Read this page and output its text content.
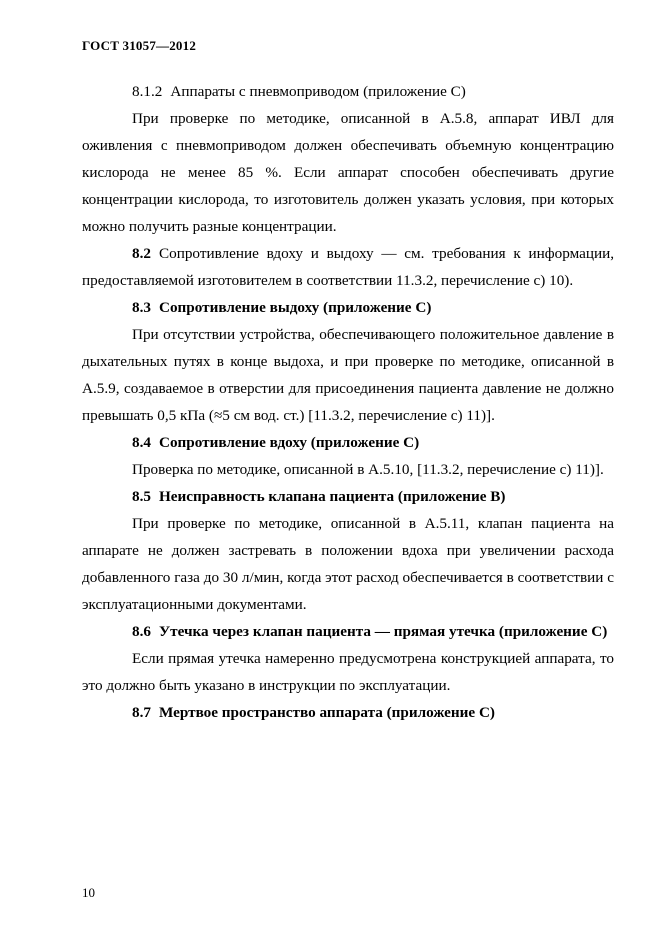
ГОСТ 31057—2012

8.1.2 Аппараты с пневмоприводом (приложение C)

При проверке по методике, описанной в A.5.8, аппарат ИВЛ для оживления с пневмоприводом должен обеспечивать объемную концентрацию кислорода не менее 85 %. Если аппарат способен обеспечивать другие концентрации кислорода, то изготовитель должен указать условия, при которых можно получить разные концентрации.

8.2 Сопротивление вдоху и выдоху — см. требования к информации, предоставляемой изготовителем в соответствии 11.3.2, перечисление c) 10).

8.3 Сопротивление выдоху (приложение C)

При отсутствии устройства, обеспечивающего положительное давление в дыхательных путях в конце выдоха, и при проверке по методике, описанной в A.5.9, создаваемое в отверстии для присоединения пациента давление не должно превышать 0,5 кПа (≈5 см вод. ст.) [11.3.2, перечисление c) 11)].

8.4 Сопротивление вдоху (приложение C)

Проверка по методике, описанной в A.5.10, [11.3.2, перечисление c) 11)].

8.5 Неисправность клапана пациента (приложение B)

При проверке по методике, описанной в A.5.11, клапан пациента на аппарате не должен застревать в положении вдоха при увеличении расхода добавленного газа до 30 л/мин, когда этот расход обеспечивается в соответствии с эксплуатационными документами.

8.6 Утечка через клапан пациента — прямая утечка (приложение C)

Если прямая утечка намеренно предусмотрена конструкцией аппарата, то это должно быть указано в инструкции по эксплуатации.

8.7 Мертвое пространство аппарата (приложение C)

10
